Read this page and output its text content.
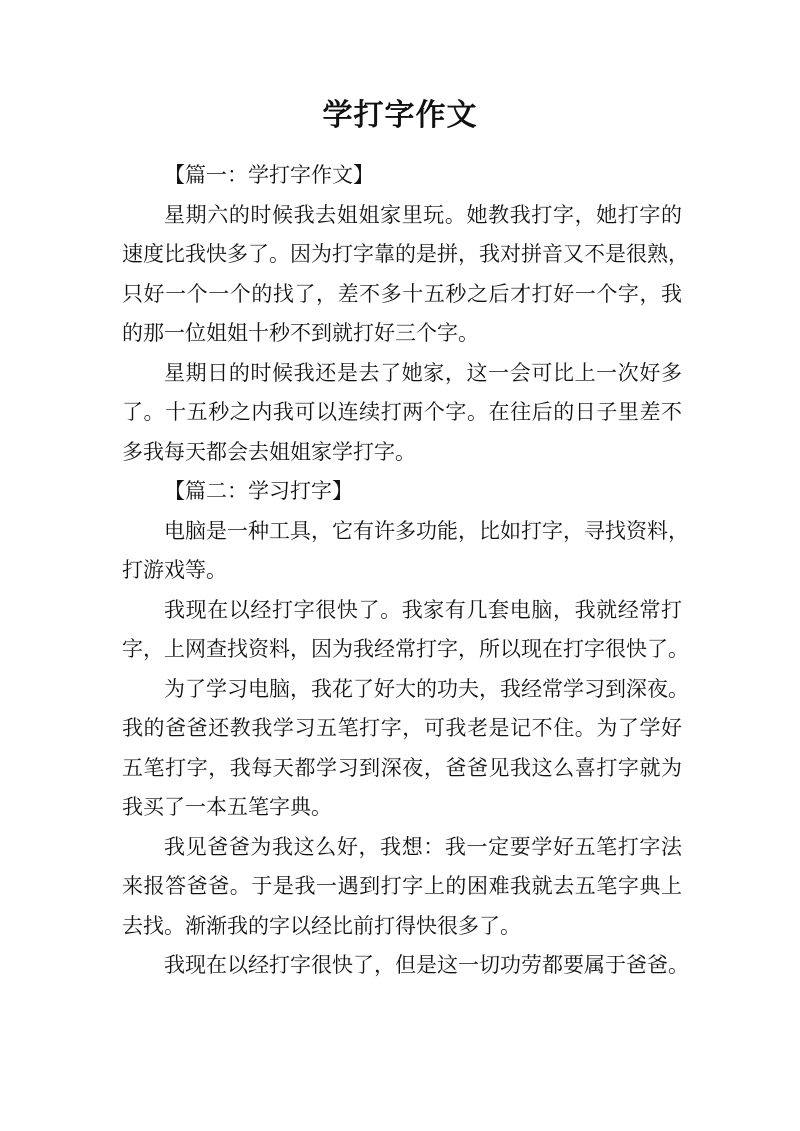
学打字作文
【篇一：学打字作文】
星期六的时候我去姐姐家里玩。她教我打字，她打字的
速度比我快多了。因为打字靠的是拼，我对拼音又不是很熟，
只好一个一个的找了，差不多十五秒之后才打好一个字，我
的那一位姐姐十秒不到就打好三个字。
星期日的时候我还是去了她家，这一会可比上一次好多
了。十五秒之内我可以连续打两个字。在往后的日子里差不
多我每天都会去姐姐家学打字。
【篇二：学习打字】
电脑是一种工具，它有许多功能，比如打字，寻找资料，
打游戏等。
我现在以经打字很快了。我家有几套电脑，我就经常打
字，上网查找资料，因为我经常打字，所以现在打字很快了。
为了学习电脑，我花了好大的功夫，我经常学习到深夜。
我的爸爸还教我学习五笔打字，可我老是记不住。为了学好
五笔打字，我每天都学习到深夜，爸爸见我这么喜打字就为
我买了一本五笔字典。
我见爸爸为我这么好，我想：我一定要学好五笔打字法
来报答爸爸。于是我一遇到打字上的困难我就去五笔字典上
去找。渐渐我的字以经比前打得快很多了。
我现在以经打字很快了，但是这一切功劳都要属于爸爸。
